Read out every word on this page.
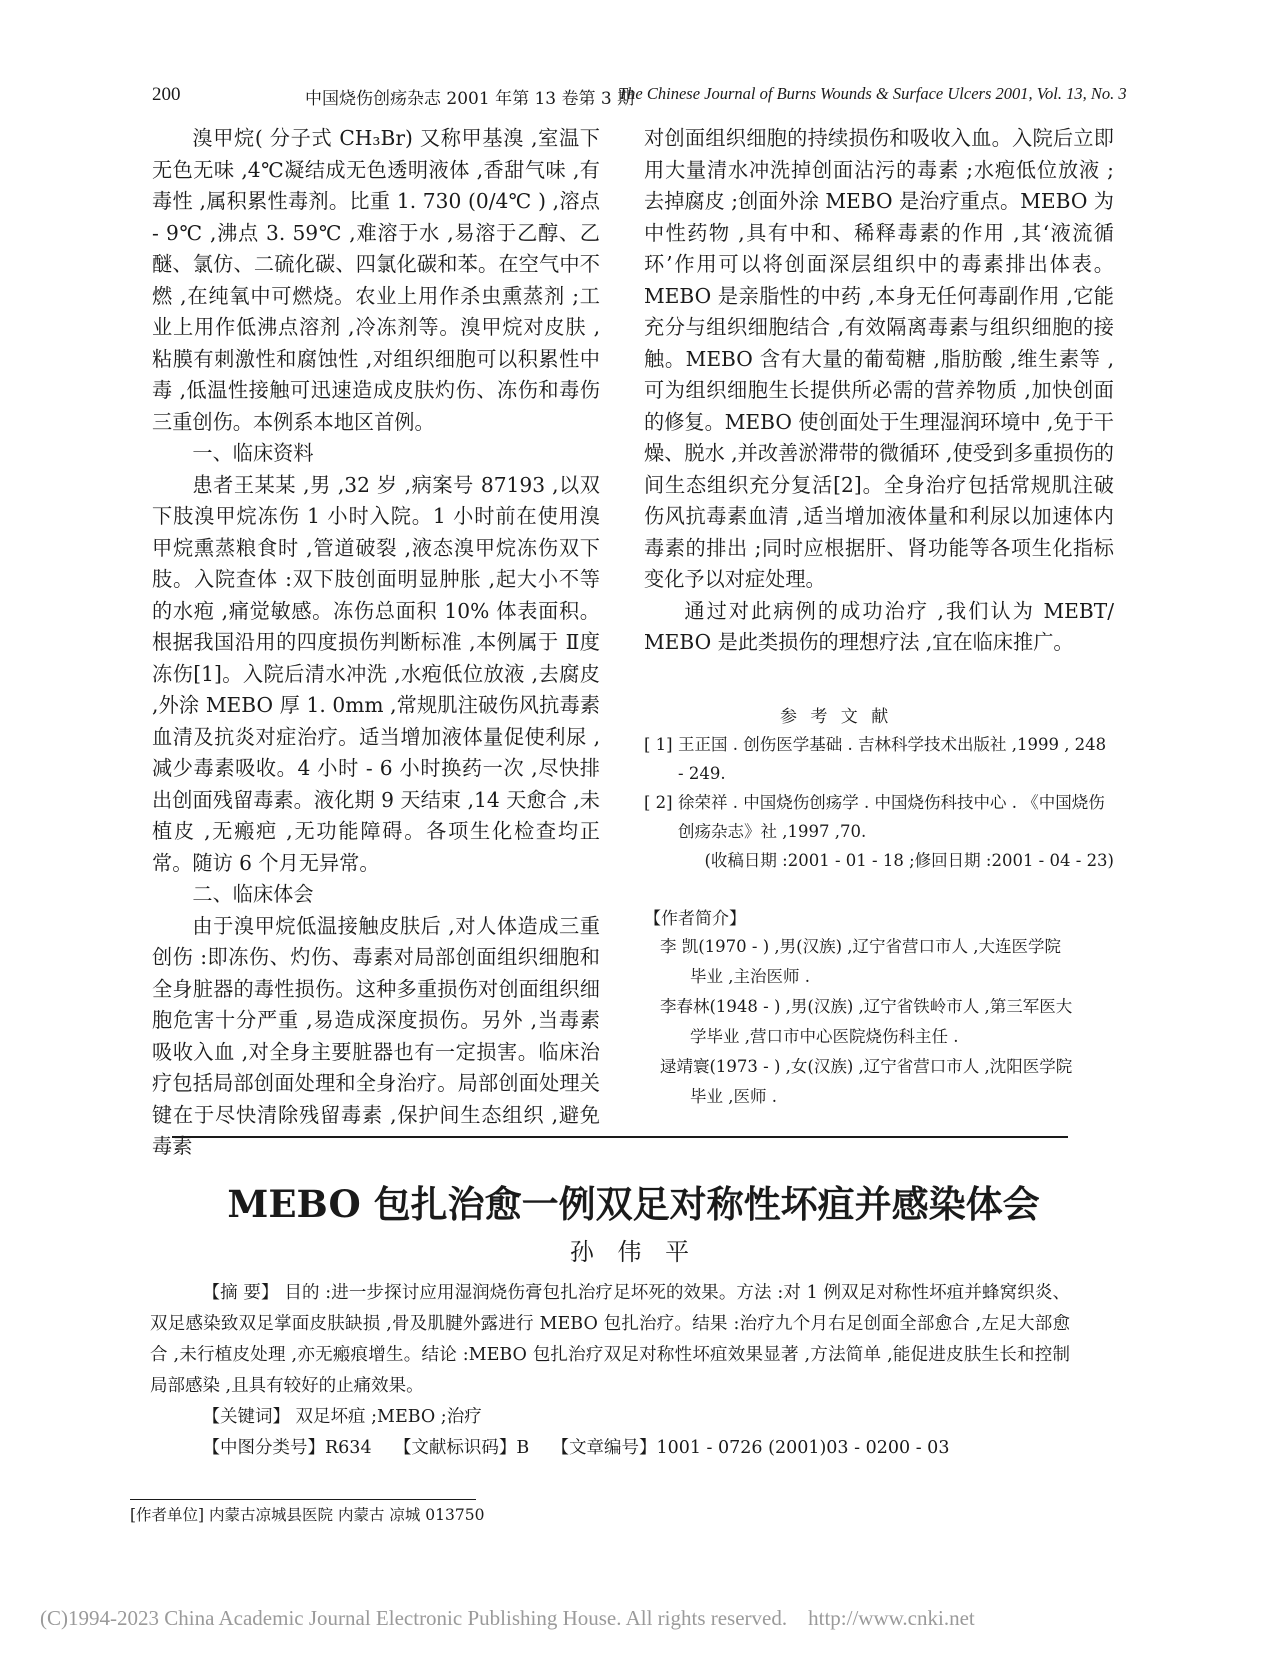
200	中国烧伤创疡杂志 2001 年第 13 卷第 3 期
The Chinese Journal of Burns Wounds & Surface Ulcers 2001, Vol. 13, No. 3

溴甲烷( 分子式 CH₃Br) 又称甲基溴 ,室温下无色无味 ,4℃凝结成无色透明液体 ,香甜气味 ,有毒性 ,属积累性毒剂。比重 1. 730 (0/4℃ ) ,溶点 - 9℃ ,沸点 3. 59℃ ,难溶于水 ,易溶于乙醇、乙醚、氯仿、二硫化碳、四氯化碳和苯。在空气中不燃 ,在纯氧中可燃烧。农业上用作杀虫熏蒸剂 ;工业上用作低沸点溶剂 ,冷冻剂等。溴甲烷对皮肤 ,粘膜有刺激性和腐蚀性 ,对组织细胞可以积累性中毒 ,低温性接触可迅速造成皮肤灼伤、冻伤和毒伤三重创伤。本例系本地区首例。

一、临床资料

患者王某某 ,男 ,32 岁 ,病案号 87193 ,以双下肢溴甲烷冻伤 1 小时入院。1 小时前在使用溴甲烷熏蒸粮食时 ,管道破裂 ,液态溴甲烷冻伤双下肢。入院查体 :双下肢创面明显肿胀 ,起大小不等的水疱 ,痛觉敏感。冻伤总面积 10% 体表面积。根据我国沿用的四度损伤判断标准 ,本例属于 Ⅱ度冻伤[1]。入院后清水冲洗 ,水疱低位放液 ,去腐皮 ,外涂 MEBO 厚 1. 0mm ,常规肌注破伤风抗毒素血清及抗炎对症治疗。适当增加液体量促使利尿 ,减少毒素吸收。4 小时 - 6 小时换药一次 ,尽快排出创面残留毒素。液化期 9 天结束 ,14 天愈合 ,未植皮 ,无瘢疤 ,无功能障碍。各项生化检查均正常。随访 6 个月无异常。

二、临床体会

由于溴甲烷低温接触皮肤后 ,对人体造成三重创伤 :即冻伤、灼伤、毒素对局部创面组织细胞和全身脏器的毒性损伤。这种多重损伤对创面组织细胞危害十分严重 ,易造成深度损伤。另外 ,当毒素吸收入血 ,对全身主要脏器也有一定损害。临床治疗包括局部创面处理和全身治疗。局部创面处理关键在于尽快清除残留毒素 ,保护间生态组织 ,避免毒素

对创面组织细胞的持续损伤和吸收入血。入院后立即用大量清水冲洗掉创面沾污的毒素 ;水疱低位放液 ;去掉腐皮 ;创面外涂 MEBO 是治疗重点。MEBO 为中性药物 ,具有中和、稀释毒素的作用 ,其‘液流循环’作用可以将创面深层组织中的毒素排出体表。MEBO 是亲脂性的中药 ,本身无任何毒副作用 ,它能充分与组织细胞结合 ,有效隔离毒素与组织细胞的接触。MEBO 含有大量的葡萄糖 ,脂肪酸 ,维生素等 ,可为组织细胞生长提供所必需的营养物质 ,加快创面的修复。MEBO 使创面处于生理湿润环境中 ,免于干燥、脱水 ,并改善淤滞带的微循环 ,使受到多重损伤的间生态组织充分复活[2]。全身治疗包括常规肌注破伤风抗毒素血清 ,适当增加液体量和利尿以加速体内毒素的排出 ;同时应根据肝、肾功能等各项生化指标变化予以对症处理。

通过对此病例的成功治疗 ,我们认为 MEBT/ MEBO 是此类损伤的理想疗法 ,宜在临床推广。

参 考 文 献
[ 1] 王正国 . 创伤医学基础 . 吉林科学技术出版社 ,1999 , 248 - 249.
[ 2] 徐荣祥 . 中国烧伤创疡学 . 中国烧伤科技中心 . 《中国烧伤创疡杂志》社 ,1997 ,70.
(收稿日期 :2001 - 01 - 18 ;修回日期 :2001 - 04 - 23)
【作者简介】
李 凯(1970 - ) ,男(汉族) ,辽宁省营口市人 ,大连医学院
毕业 ,主治医师 .
李春林(1948 - ) ,男(汉族) ,辽宁省铁岭市人 ,第三军医大
学毕业 ,营口市中心医院烧伤科主任 .
逯靖寰(1973 - ) ,女(汉族) ,辽宁省营口市人 ,沈阳医学院
毕业 ,医师 .
MEBO 包扎治愈一例双足对称性坏疽并感染体会
孙 伟 平

【摘 要】 目的 :进一步探讨应用湿润烧伤膏包扎治疗足坏死的效果。方法 :对 1 例双足对称性坏疽并蜂窝织炎、双足感染致双足掌面皮肤缺损 ,骨及肌腱外露进行 MEBO 包扎治疗。结果 :治疗九个月右足创面全部愈合 ,左足大部愈合 ,未行植皮处理 ,亦无瘢痕增生。结论 :MEBO 包扎治疗双足对称性坏疽效果显著 ,方法简单 ,能促进皮肤生长和控制局部感染 ,且具有较好的止痛效果。

【关键词】 双足坏疽 ;MEBO ;治疗

【中图分类号】R634    【文献标识码】B    【文章编号】1001 - 0726 (2001)03 - 0200 - 03

[作者单位] 内蒙古凉城县医院 内蒙古 凉城 013750
(C)1994-2023 China Academic Journal Electronic Publishing House. All rights reserved.    http://www.cnki.net
